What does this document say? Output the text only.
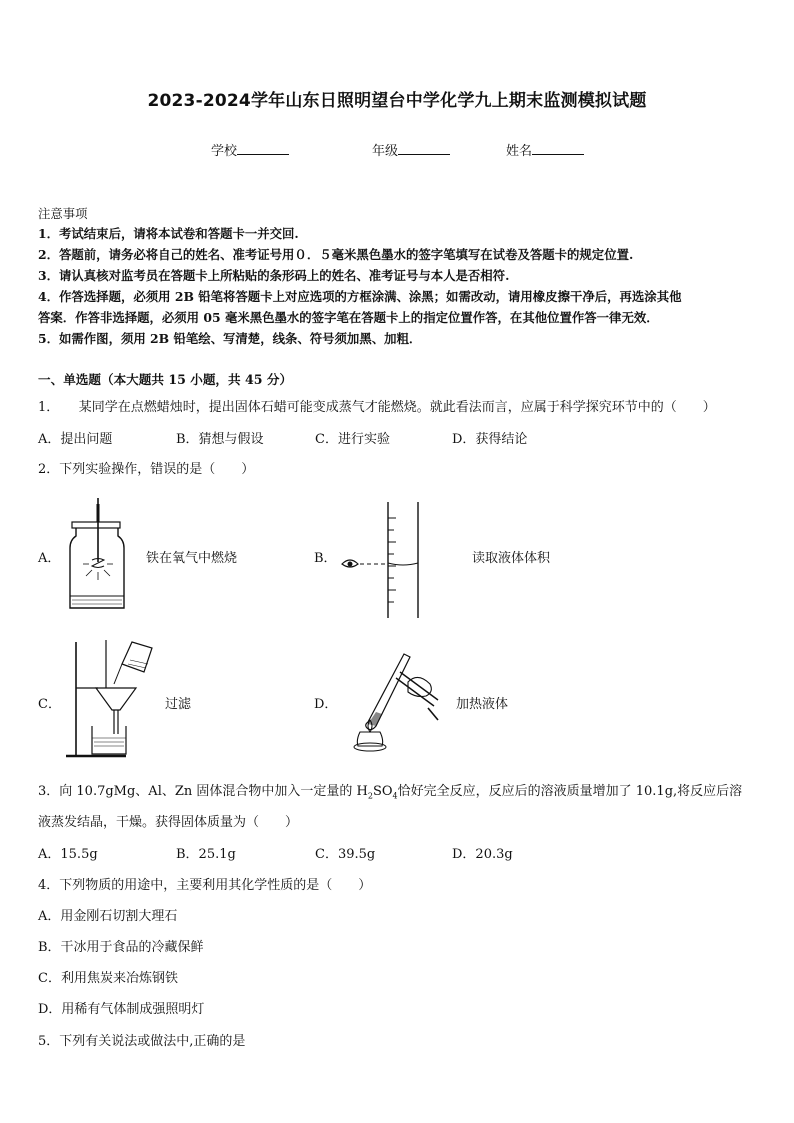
2023-2024学年山东日照明望台中学化学九上期末监测模拟试题
学校	年级	姓名
注意事项
1．考试结束后，请将本试卷和答题卡一并交回.
2．答题前，请务必将自己的姓名、准考证号用０．５毫米黑色墨水的签字笔填写在试卷及答题卡的规定位置.
3．请认真核对监考员在答题卡上所粘贴的条形码上的姓名、准考证号与本人是否相符.
4．作答选择题，必须用 2B 铅笔将答题卡上对应选项的方框涂满、涂黑；如需改动，请用橡皮擦干净后，再选涂其他
答案．作答非选择题，必须用 05 毫米黑色墨水的签字笔在答题卡上的指定位置作答，在其他位置作答一律无效．
5．如需作图，须用 2B 铅笔绘、写清楚，线条、符号须加黑、加粗．
一、单选题（本大题共 15 小题，共 45 分）
1．　　某同学在点燃蜡烛时，提出固体石蜡可能变成蒸气才能燃烧。就此看法而言，应属于科学探究环节中的（　　）
A．提出问题	B．猜想与假设	C．进行实验	D．获得结论
2．下列实验操作，错误的是（　　）
A．	铁在氧气中燃烧	B．	读取液体体积
C．	过滤	D．	加热液体
3．向 10.7gMg、Al、Zn 固体混合物中加入一定量的 $H_2SO_4$恰好完全反应，反应后的溶液质量增加了 10.1g,将反应后溶
液蒸发结晶，干燥。获得固体质量为（　　）
A．15.5g	B．25.1g	C．39.5g	D．20.3g
4．下列物质的用途中，主要利用其化学性质的是（　　）
A．用金刚石切割大理石
B．干冰用于食品的冷藏保鲜
C．利用焦炭来冶炼钢铁
D．用稀有气体制成强照明灯
5．下列有关说法或做法中,正确的是
